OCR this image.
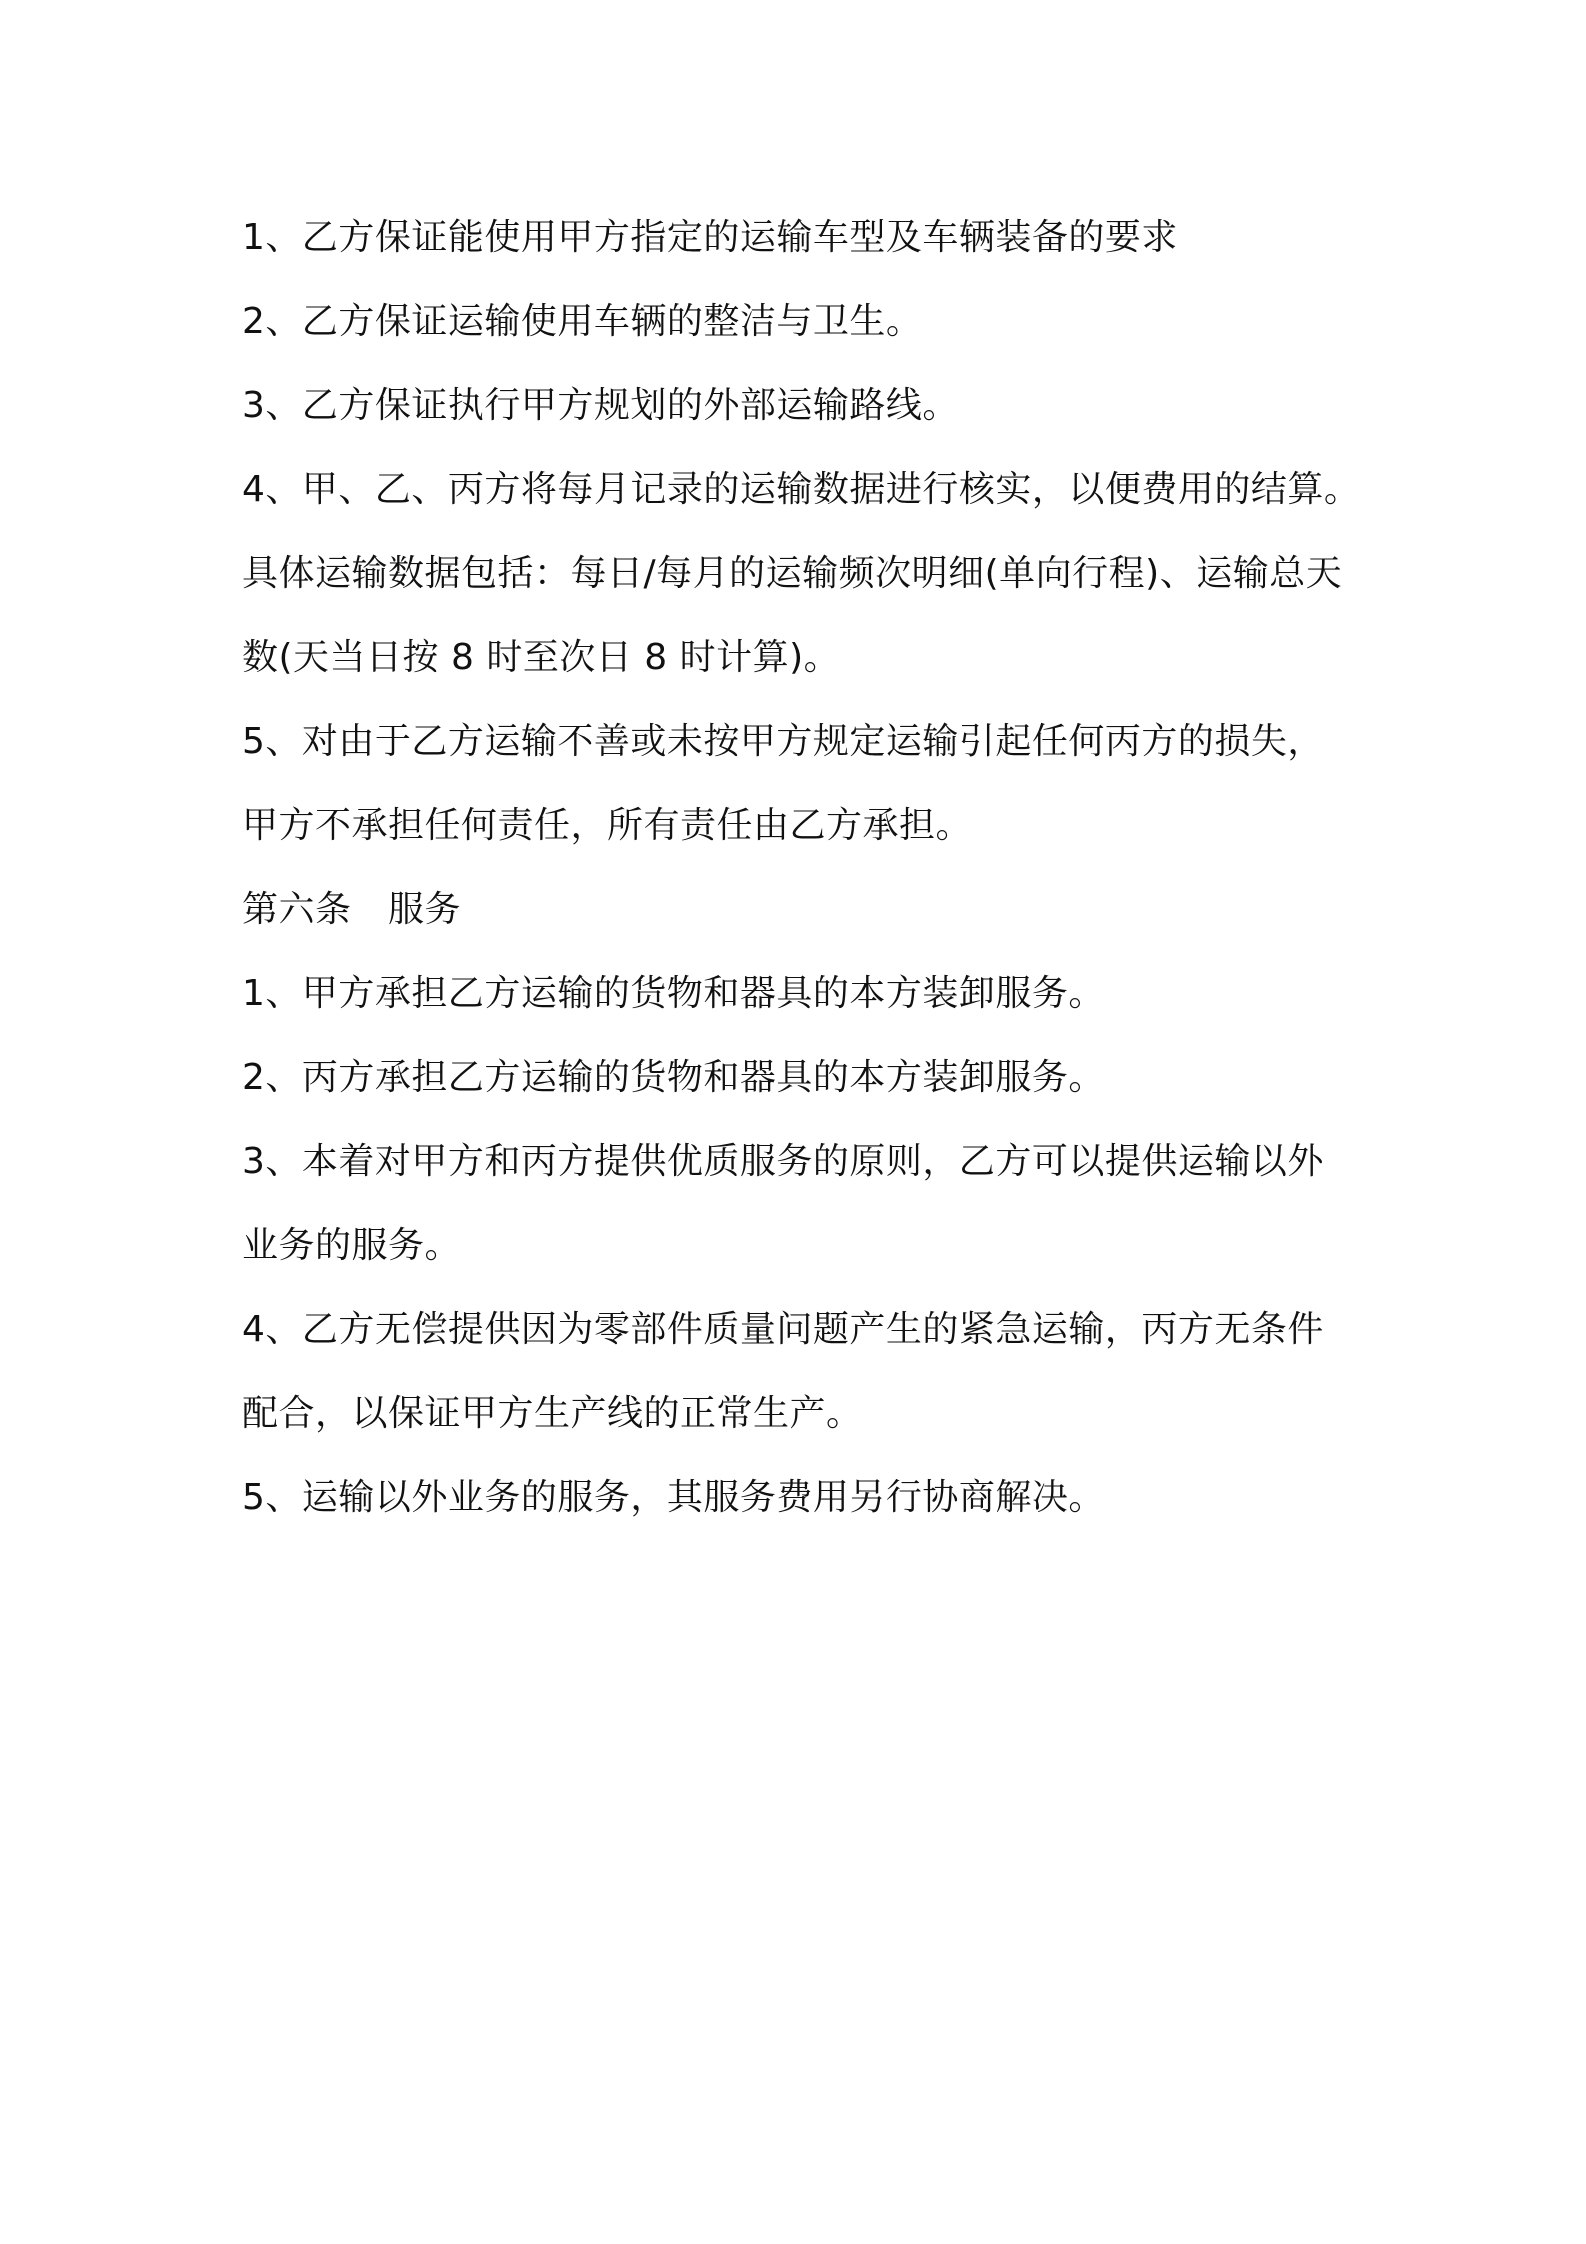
1、乙方保证能使用甲方指定的运输车型及车辆装备的要求
2、乙方保证运输使用车辆的整洁与卫生。
3、乙方保证执行甲方规划的外部运输路线。
4、甲、乙、丙方将每月记录的运输数据进行核实，以便费用的结算。
具体运输数据包括：每日/每月的运输频次明细(单向行程)、运输总天
数(天当日按 8 时至次日 8 时计算)。
5、对由于乙方运输不善或未按甲方规定运输引起任何丙方的损失，
甲方不承担任何责任，所有责任由乙方承担。
第六条　服务
1、甲方承担乙方运输的货物和器具的本方装卸服务。
2、丙方承担乙方运输的货物和器具的本方装卸服务。
3、本着对甲方和丙方提供优质服务的原则，乙方可以提供运输以外
业务的服务。
4、乙方无偿提供因为零部件质量问题产生的紧急运输，丙方无条件
配合，以保证甲方生产线的正常生产。
5、运输以外业务的服务，其服务费用另行协商解决。
